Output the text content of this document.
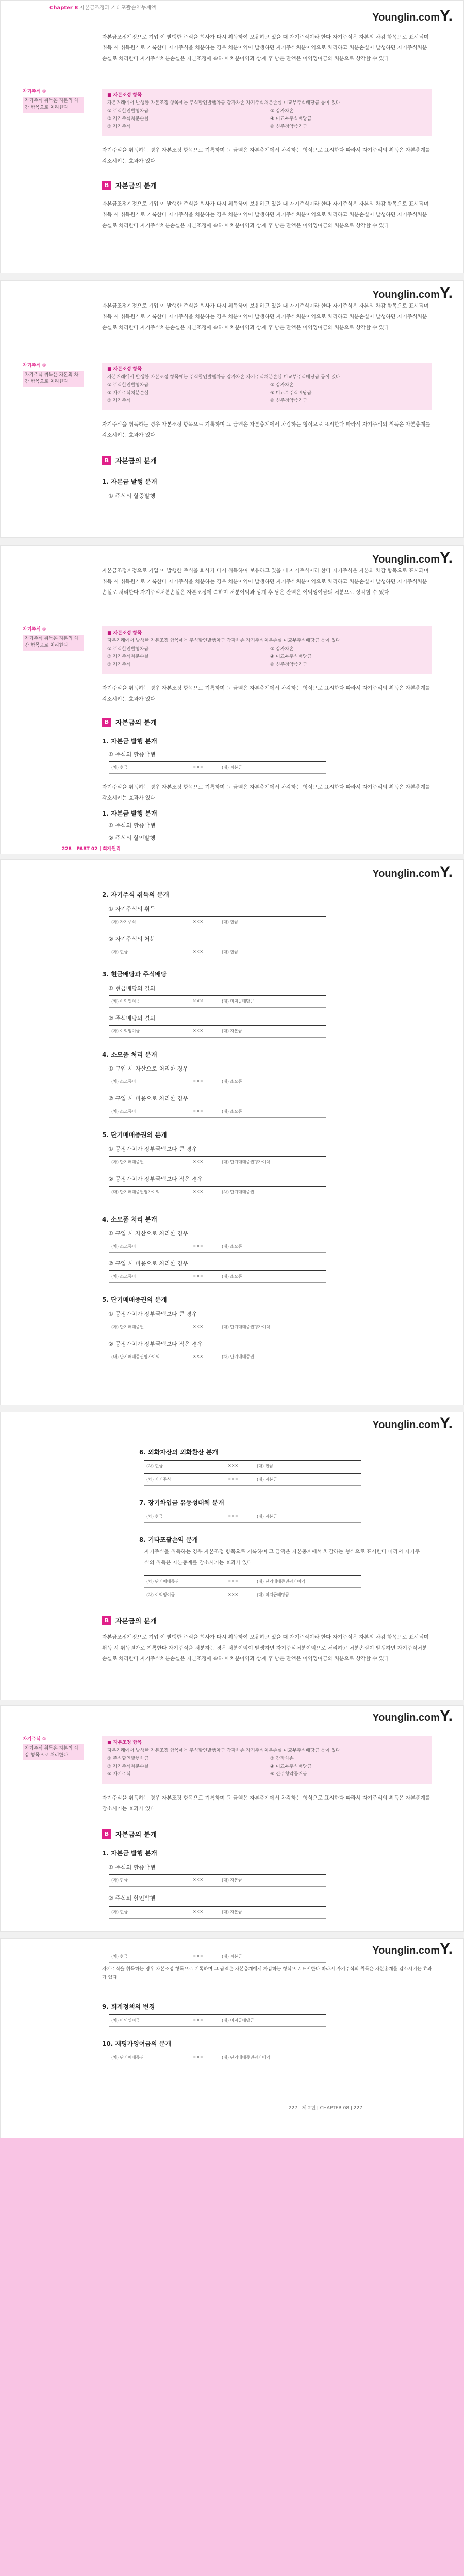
Chapter 8 자본금조정과 기타포괄손익누계액
Younglin.comY.

자본금조정계정으로 기업 이 발행한 주식을 회사가 다시 취득하여 보유하고 있을 때 자기주식이라 한다 자기주식은 자본의 차감 항목으로 표시되며 취득 시 취득원가로 기록한다 자기주식을 처분하는 경우 처분이익이 발생하면 자기주식처분이익으로 처리하고 처분손실이 발생하면 자기주식처분손실로 처리한다 자기주식처분손실은 자본조정에 속하며 처분이익과 상계 후 남은 잔액은 이익잉여금의 처분으로 상각할 수 있다

자기주식 ①
자기주식 취득은 자본의 차감 항목으로 처리한다
■ 자본조정 항목
자본거래에서 발생한 자본조정 항목에는 주식할인발행차금 감자차손 자기주식처분손실 미교부주식배당금 등이 있다
① 주식할인발행차금	② 감자차손
③ 자기주식처분손실	④ 미교부주식배당금
⑤ 자기주식	⑥ 신주청약증거금

자기주식을 취득하는 경우 자본조정 항목으로 기록하며 그 금액은 자본총계에서 차감하는 형식으로 표시한다 따라서 자기주식의 취득은 자본총계를 감소시키는 효과가 있다

B 자본금의 분개

자본금조정계정으로 기업 이 발행한 주식을 회사가 다시 취득하여 보유하고 있을 때 자기주식이라 한다 자기주식은 자본의 차감 항목으로 표시되며 취득 시 취득원가로 기록한다 자기주식을 처분하는 경우 처분이익이 발생하면 자기주식처분이익으로 처리하고 처분손실이 발생하면 자기주식처분손실로 처리한다 자기주식처분손실은 자본조정에 속하며 처분이익과 상계 후 남은 잔액은 이익잉여금의 처분으로 상각할 수 있다

Younglin.comY.

자본금조정계정으로 기업 이 발행한 주식을 회사가 다시 취득하여 보유하고 있을 때 자기주식이라 한다 자기주식은 자본의 차감 항목으로 표시되며 취득 시 취득원가로 기록한다 자기주식을 처분하는 경우 처분이익이 발생하면 자기주식처분이익으로 처리하고 처분손실이 발생하면 자기주식처분손실로 처리한다 자기주식처분손실은 자본조정에 속하며 처분이익과 상계 후 남은 잔액은 이익잉여금의 처분으로 상각할 수 있다

자기주식 ①
자기주식 취득은 자본의 차감 항목으로 처리한다
■ 자본조정 항목
자본거래에서 발생한 자본조정 항목에는 주식할인발행차금 감자차손 자기주식처분손실 미교부주식배당금 등이 있다
① 주식할인발행차금	② 감자차손
③ 자기주식처분손실	④ 미교부주식배당금
⑤ 자기주식	⑥ 신주청약증거금

자기주식을 취득하는 경우 자본조정 항목으로 기록하며 그 금액은 자본총계에서 차감하는 형식으로 표시한다 따라서 자기주식의 취득은 자본총계를 감소시키는 효과가 있다

B 자본금의 분개
1. 자본금 발행 분개
① 주식의 할증발행
Younglin.comY.

자본금조정계정으로 기업 이 발행한 주식을 회사가 다시 취득하여 보유하고 있을 때 자기주식이라 한다 자기주식은 자본의 차감 항목으로 표시되며 취득 시 취득원가로 기록한다 자기주식을 처분하는 경우 처분이익이 발생하면 자기주식처분이익으로 처리하고 처분손실이 발생하면 자기주식처분손실로 처리한다 자기주식처분손실은 자본조정에 속하며 처분이익과 상계 후 남은 잔액은 이익잉여금의 처분으로 상각할 수 있다

자기주식 ①
자기주식 취득은 자본의 차감 항목으로 처리한다
■ 자본조정 항목
자본거래에서 발생한 자본조정 항목에는 주식할인발행차금 감자차손 자기주식처분손실 미교부주식배당금 등이 있다
① 주식할인발행차금	② 감자차손
③ 자기주식처분손실	④ 미교부주식배당금
⑤ 자기주식	⑥ 신주청약증거금

자기주식을 취득하는 경우 자본조정 항목으로 기록하며 그 금액은 자본총계에서 차감하는 형식으로 표시한다 따라서 자기주식의 취득은 자본총계를 감소시키는 효과가 있다

B 자본금의 분개
1. 자본금 발행 분개
① 주식의 할증발행
(차) 현금	×××	(대) 자본금

자기주식을 취득하는 경우 자본조정 항목으로 기록하며 그 금액은 자본총계에서 차감하는 형식으로 표시한다 따라서 자기주식의 취득은 자본총계를 감소시키는 효과가 있다

1. 자본금 발행 분개
① 주식의 할증발행
② 주식의 할인발행
228 | PART 02 | 회계원리
Younglin.comY.
2. 자기주식 취득의 분개
① 자기주식의 취득
(차) 자기주식	×××	(대) 현금
② 자기주식의 처분
(차) 현금	×××	(대) 현금
3. 현금배당과 주식배당
① 현금배당의 결의
(차) 이익잉여금	×××	(대) 미지급배당금
② 주식배당의 결의
(차) 이익잉여금	×××	(대) 자본금
4. 소모품 처리 분개
① 구입 시 자산으로 처리한 경우
(차) 소모품비	×××	(대) 소모품
② 구입 시 비용으로 처리한 경우
(차) 소모품비	×××	(대) 소모품
5. 단기매매증권의 분개
① 공정가치가 장부금액보다 큰 경우
(차) 단기매매증권	×××	(대) 단기매매증권평가이익
② 공정가치가 장부금액보다 작은 경우
(대) 단기매매증권평가이익	×××	(차) 단기매매증권
4. 소모품 처리 분개
① 구입 시 자산으로 처리한 경우
(차) 소모품비	×××	(대) 소모품
② 구입 시 비용으로 처리한 경우
(차) 소모품비	×××	(대) 소모품
5. 단기매매증권의 분개
① 공정가치가 장부금액보다 큰 경우
(차) 단기매매증권	×××	(대) 단기매매증권평가이익
② 공정가치가 장부금액보다 작은 경우
(대) 단기매매증권평가이익	×××	(차) 단기매매증권
Younglin.comY.
6. 외화자산의 외화환산 분개
(차) 현금	×××	(대) 현금
(차) 자기주식	×××	(대) 자본금
7. 장기차입금 유동성대체 분개
(차) 현금	×××	(대) 자본금
8. 기타포괄손익 분개

자기주식을 취득하는 경우 자본조정 항목으로 기록하며 그 금액은 자본총계에서 차감하는 형식으로 표시한다 따라서 자기주식의 취득은 자본총계를 감소시키는 효과가 있다

(차) 단기매매증권	×××	(대) 단기매매증권평가이익
(차) 이익잉여금	×××	(대) 미지급배당금
B 자본금의 분개

자본금조정계정으로 기업 이 발행한 주식을 회사가 다시 취득하여 보유하고 있을 때 자기주식이라 한다 자기주식은 자본의 차감 항목으로 표시되며 취득 시 취득원가로 기록한다 자기주식을 처분하는 경우 처분이익이 발생하면 자기주식처분이익으로 처리하고 처분손실이 발생하면 자기주식처분손실로 처리한다 자기주식처분손실은 자본조정에 속하며 처분이익과 상계 후 남은 잔액은 이익잉여금의 처분으로 상각할 수 있다

Younglin.comY.
자기주식 ①
자기주식 취득은 자본의 차감 항목으로 처리한다
■ 자본조정 항목
자본거래에서 발생한 자본조정 항목에는 주식할인발행차금 감자차손 자기주식처분손실 미교부주식배당금 등이 있다
① 주식할인발행차금	② 감자차손
③ 자기주식처분손실	④ 미교부주식배당금
⑤ 자기주식	⑥ 신주청약증거금

자기주식을 취득하는 경우 자본조정 항목으로 기록하며 그 금액은 자본총계에서 차감하는 형식으로 표시한다 따라서 자기주식의 취득은 자본총계를 감소시키는 효과가 있다

B 자본금의 분개
1. 자본금 발행 분개
① 주식의 할증발행
(차) 현금	×××	(대) 자본금
② 주식의 할인발행
(차) 현금	×××	(대) 자본금
Younglin.comY.
(차) 현금	×××	(대) 자본금

자기주식을 취득하는 경우 자본조정 항목으로 기록하며 그 금액은 자본총계에서 차감하는 형식으로 표시한다 따라서 자기주식의 취득은 자본총계를 감소시키는 효과가 있다

9. 회계정책의 변경
(차) 이익잉여금	×××	(대) 미지급배당금
10. 재평가잉여금의 분개
(차) 단기매매증권	×××	(대) 단기매매증권평가이익
227 | 제 2편 | CHAPTER 08 | 227
